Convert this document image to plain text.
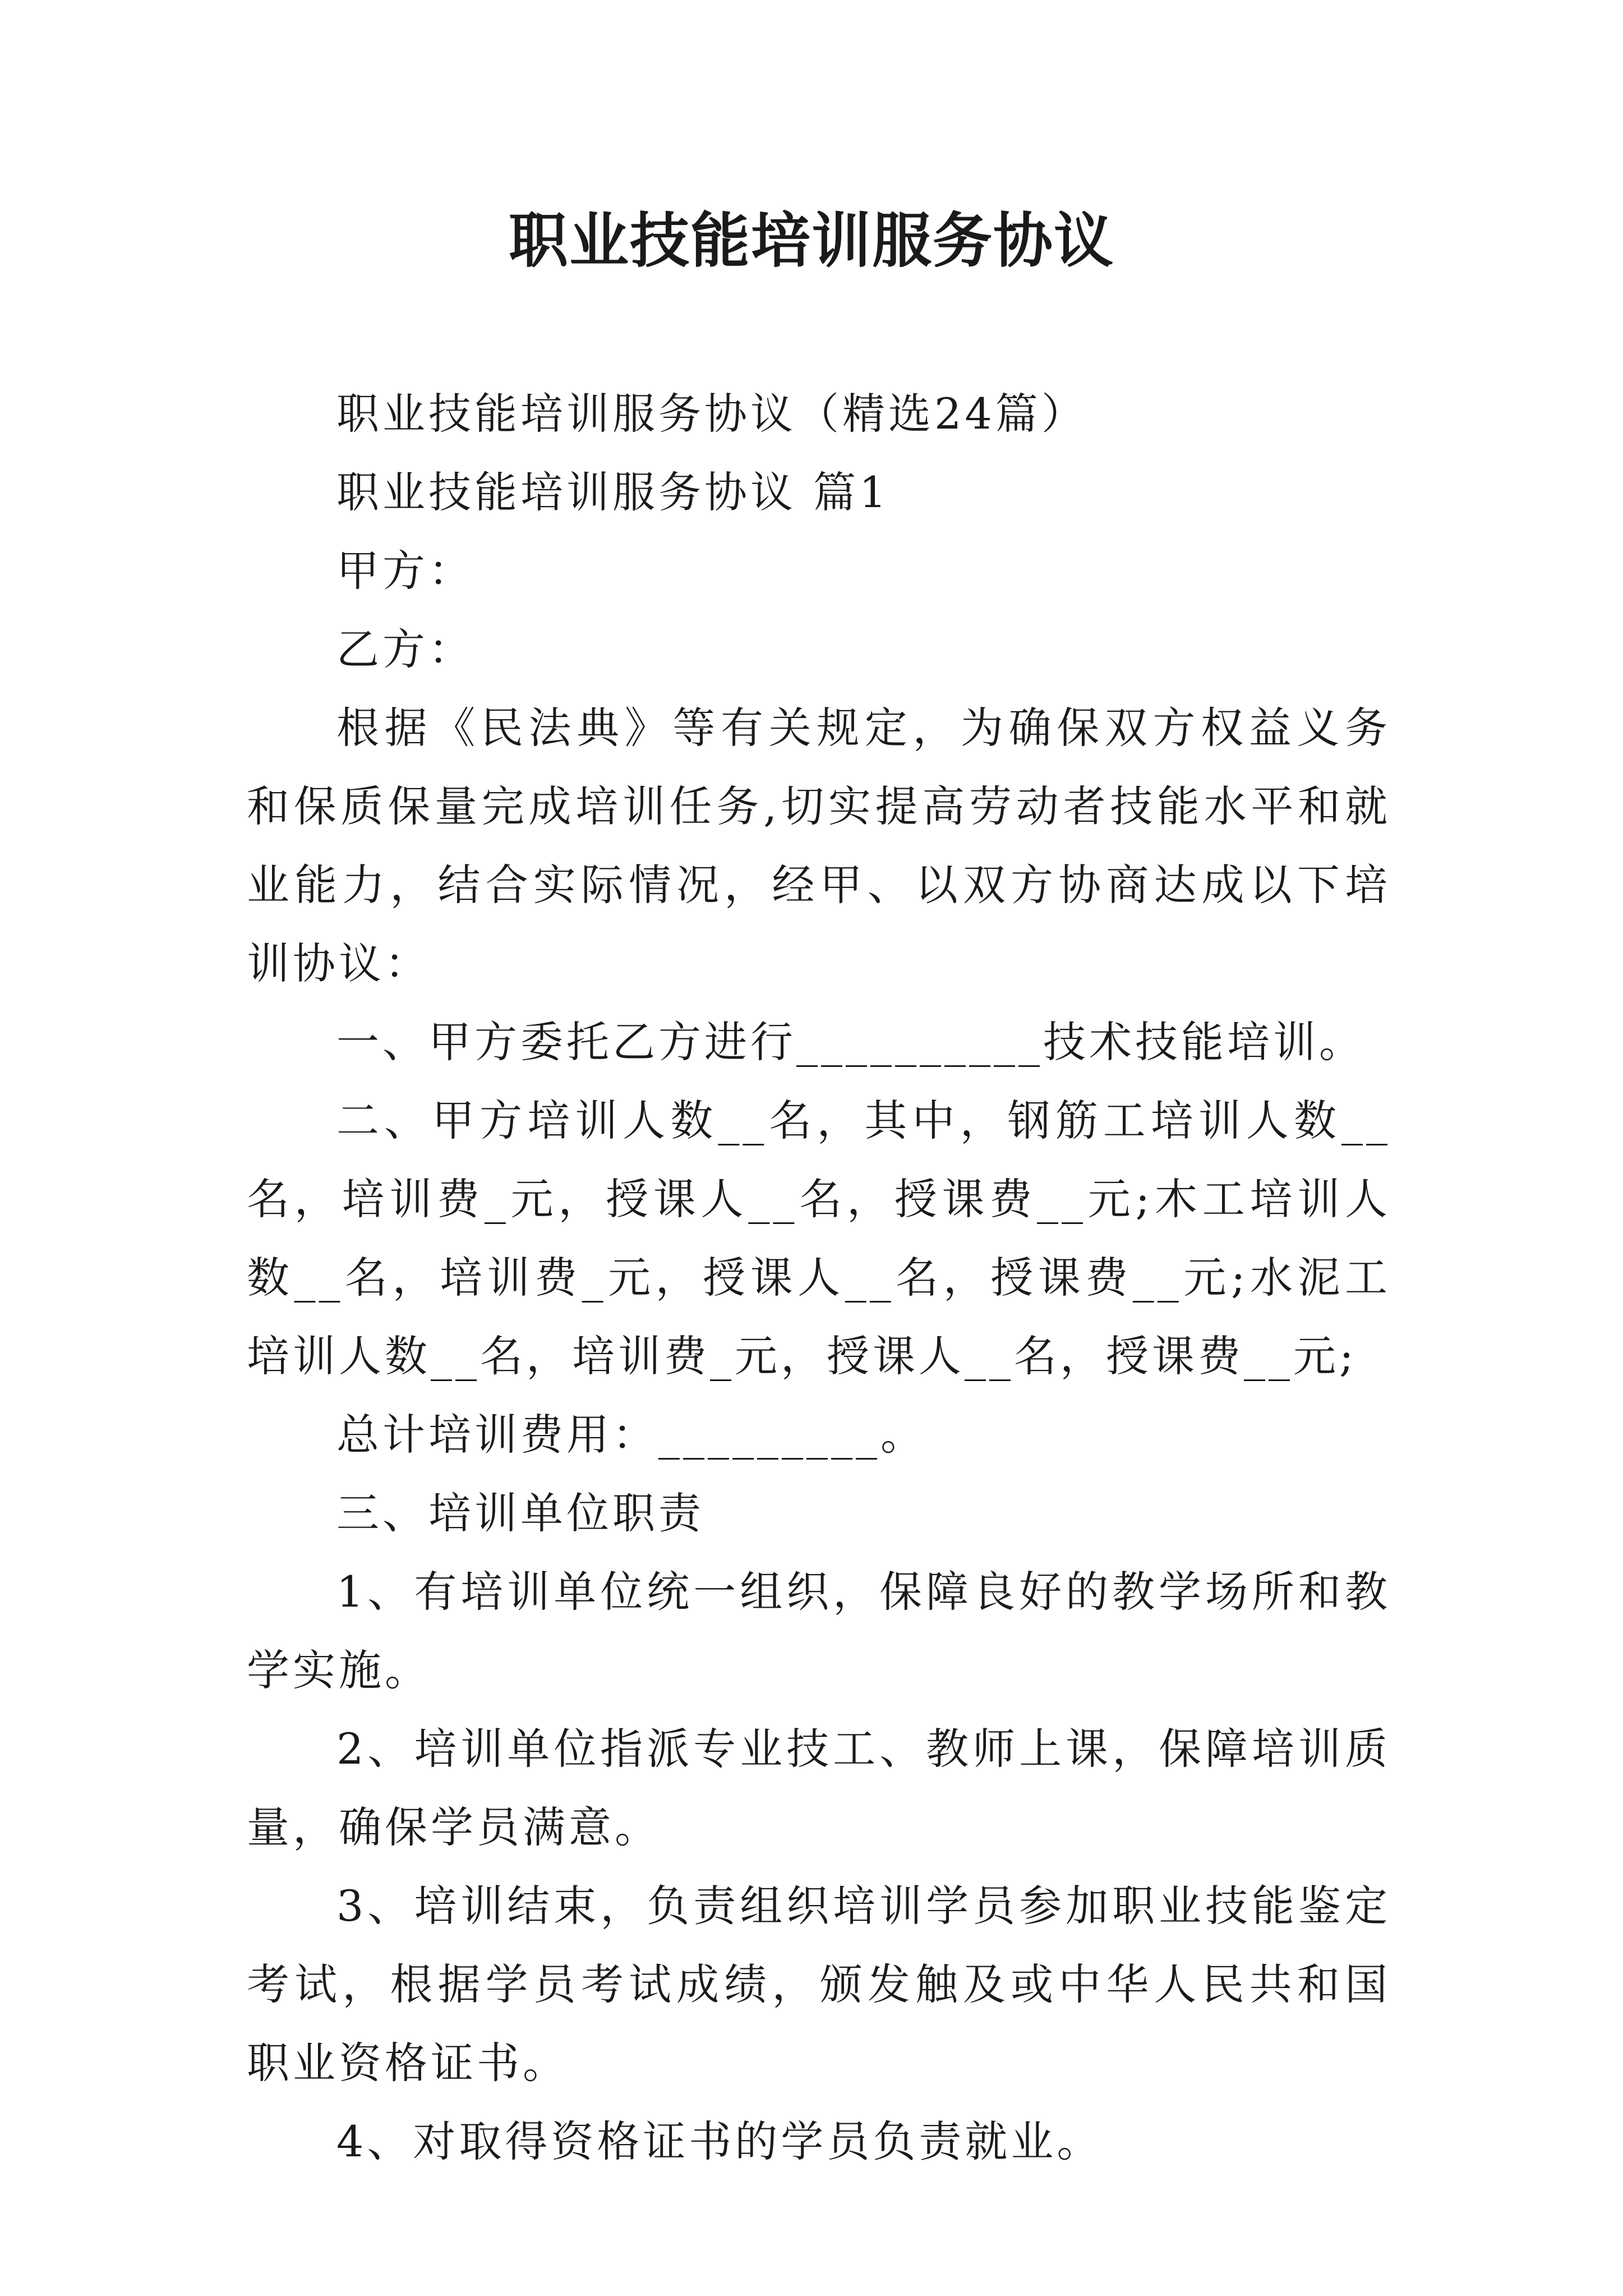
职业技能培训服务协议

职业技能培训服务协议（精选24篇）

职业技能培训服务协议 篇1

甲方：

乙方：

根据《民法典》等有关规定，为确保双方权益义务和保质保量完成培训任务,切实提高劳动者技能水平和就业能力，结合实际情况，经甲、以双方协商达成以下培训协议：

一、甲方委托乙方进行__________技术技能培训。

二、甲方培训人数__名，其中，钢筋工培训人数__名，培训费_元，授课人__名，授课费__元;木工培训人数__名，培训费_元，授课人__名，授课费__元;水泥工培训人数__名，培训费_元，授课人__名，授课费__元;

总计培训费用：_________。

三、培训单位职责

1、有培训单位统一组织，保障良好的教学场所和教学实施。

2、培训单位指派专业技工、教师上课，保障培训质量，确保学员满意。

3、培训结束，负责组织培训学员参加职业技能鉴定考试，根据学员考试成绩，颁发触及或中华人民共和国职业资格证书。

4、对取得资格证书的学员负责就业。
